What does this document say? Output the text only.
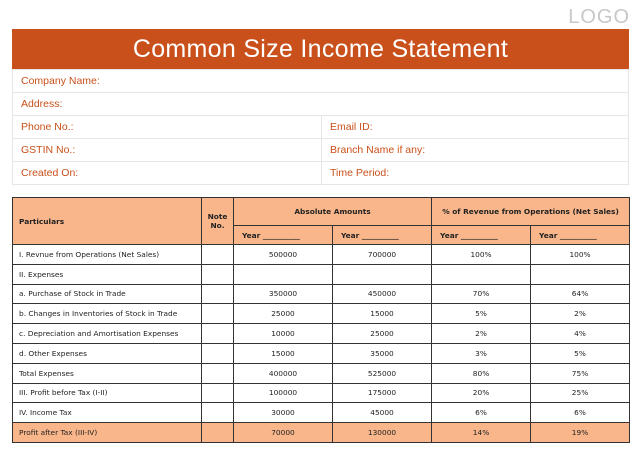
LOGO
Common Size Income Statement
Company Name:	
Address:	
Phone No.:	Email ID:
GSTIN No.:	Branch Name if any:
Created On:	Time Period:
Particulars	Note No.	Absolute Amounts		% of Revenue from Operations (Net Sales)	
		Year __________	Year __________	Year __________	Year __________
I. Revnue from Operations (Net Sales)		500000	700000	100%	100%
II. Expenses					
a. Purchase of Stock in Trade		350000	450000	70%	64%
b. Changes in Inventories of Stock in Trade		25000	15000	5%	2%
c. Depreciation and Amortisation Expenses		10000	25000	2%	4%
d. Other Expenses		15000	35000	3%	5%
Total Expenses		400000	525000	80%	75%
III. Profit before Tax (I-II)		100000	175000	20%	25%
IV. Income Tax		30000	45000	6%	6%
Profit after Tax (III-IV)		70000	130000	14%	19%
